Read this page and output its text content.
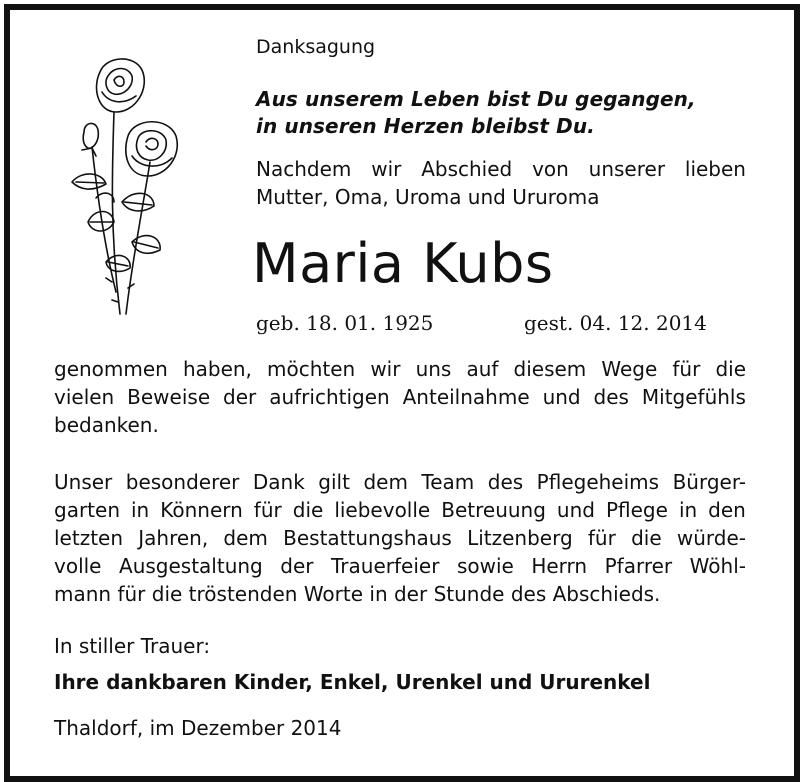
Danksagung
Aus unserem Leben bist Du gegangen,
in unseren Herzen bleibst Du.
Nachdem wir Abschied von unserer lieben
Mutter, Oma, Uroma und Ururoma
Maria Kubs
geb. 18. 01. 1925	gest. 04. 12. 2014
genommen haben, möchten wir uns auf diesem Wege für die
vielen Beweise der aufrichtigen Anteilnahme und des Mitgefühls
bedanken.
Unser besonderer Dank gilt dem Team des Pflegeheims Bürger-
garten in Könnern für die liebevolle Betreuung und Pflege in den
letzten Jahren, dem Bestattungshaus Litzenberg für die würde-
volle Ausgestaltung der Trauerfeier sowie Herrn Pfarrer Wöhl-
mann für die tröstenden Worte in der Stunde des Abschieds.
In stiller Trauer:
Ihre dankbaren Kinder, Enkel, Urenkel und Ururenkel
Thaldorf, im Dezember 2014
